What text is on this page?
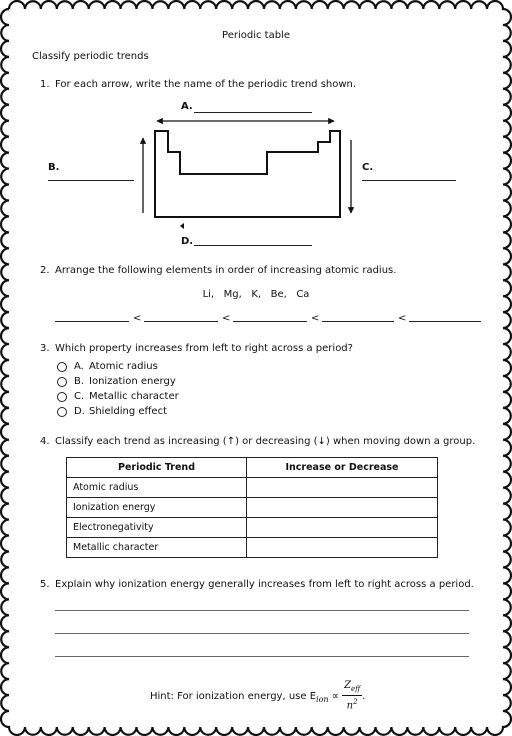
Periodic table
Classify periodic trends
1. For each arrow, write the name of the periodic trend shown.
A.
B.	C.
D.
2. Arrange the following elements in order of increasing atomic radius.
Li,   Mg,   K,   Be,   Ca
<	<	<	<
3. Which property increases from left to right across a period?
A. Atomic radius
B. Ionization energy
C. Metallic character
D. Shielding effect
4. Classify each trend as increasing (↑) or decreasing (↓) when moving down a group.
Periodic Trend	Increase or Decrease
Atomic radius	
Ionization energy	
Electronegativity	
Metallic character	
5. Explain why ionization energy generally increases from left to right across a period.
Hint: For ionization energy, use $E_{ion} \propto \frac{Z_{eff}}{n^2}$ .
